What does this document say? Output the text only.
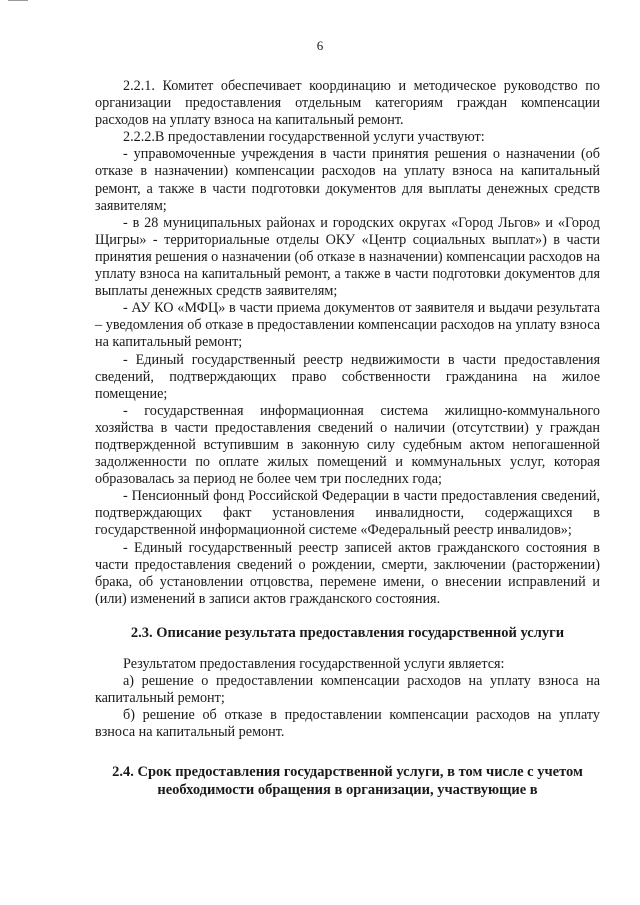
6

2.2.1. Комитет обеспечивает координацию и методическое руководство по организации предоставления отдельным категориям граждан компенсации расходов на уплату взноса на капитальный ремонт.

2.2.2.В предоставлении государственной услуги участвуют:

- управомоченные учреждения в части принятия решения о назначении (об отказе в назначении) компенсации расходов на уплату взноса на капитальный ремонт, а также в части подготовки документов для выплаты денежных средств заявителям;

- в 28 муниципальных районах и городских округах «Город Льгов» и «Город Щигры» - территориальные отделы ОКУ «Центр социальных выплат») в части принятия решения о назначении (об отказе в назначении) компенсации расходов на уплату взноса на капитальный ремонт, а также в части подготовки документов для выплаты денежных средств заявителям;

- АУ КО «МФЦ» в части приема документов от заявителя и выдачи результата – уведомления об отказе в предоставлении компенсации расходов на уплату взноса на капитальный ремонт;

- Единый государственный реестр недвижимости в части предоставления сведений, подтверждающих право собственности гражданина на жилое помещение;

- государственная информационная система жилищно-коммунального хозяйства в части предоставления сведений о наличии (отсутствии) у граждан подтвержденной вступившим в законную силу судебным актом непогашенной задолженности по оплате жилых помещений и коммунальных услуг, которая образовалась за период не более чем три последних года;

- Пенсионный фонд Российской Федерации в части предоставления сведений, подтверждающих факт установления инвалидности, содержащихся в государственной информационной системе «Федеральный реестр инвалидов»;

- Единый государственный реестр записей актов гражданского состояния в части предоставления сведений о рождении, смерти, заключении (расторжении) брака, об установлении отцовства, перемене имени, о внесении исправлений и (или) изменений в записи актов гражданского состояния.

2.3. Описание результата предоставления государственной услуги

Результатом предоставления государственной услуги является:

а) решение о предоставлении компенсации расходов на уплату взноса на капитальный ремонт;

б) решение об отказе в предоставлении компенсации расходов на уплату взноса на капитальный ремонт.

2.4. Срок предоставления государственной услуги, в том числе с учетом необходимости обращения в организации, участвующие в
